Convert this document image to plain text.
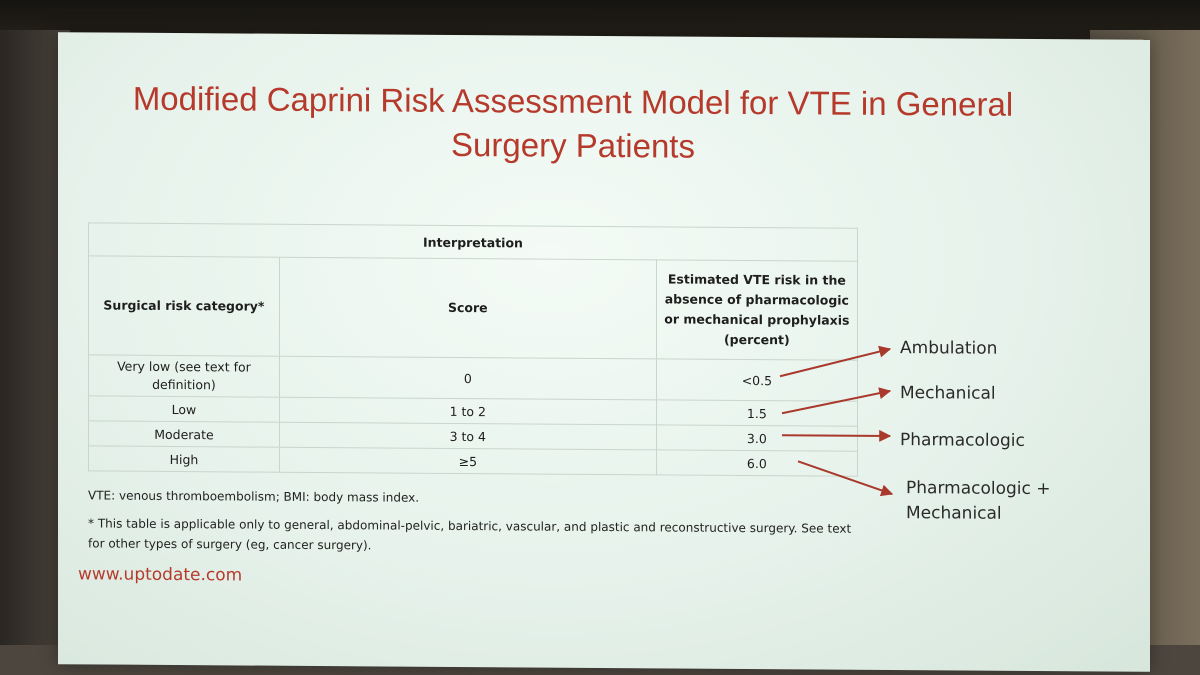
Modified Caprini Risk Assessment Model for VTE in General
Surgery Patients
Interpretation		
Surgical risk category*	Score	Estimated VTE risk in the absence of pharmacologic or mechanical prophylaxis (percent)
Very low (see text for definition)	0	<0.5
Low	1 to 2	1.5
Moderate	3 to 4	3.0
High	≥5	6.0

VTE: venous thromboembolism; BMI: body mass index.

* This table is applicable only to general, abdominal-pelvic, bariatric, vascular, and plastic and reconstructive surgery. See text for other types of surgery (eg, cancer surgery).

www.uptodate.com
Ambulation
Mechanical
Pharmacologic
Pharmacologic +
Mechanical
